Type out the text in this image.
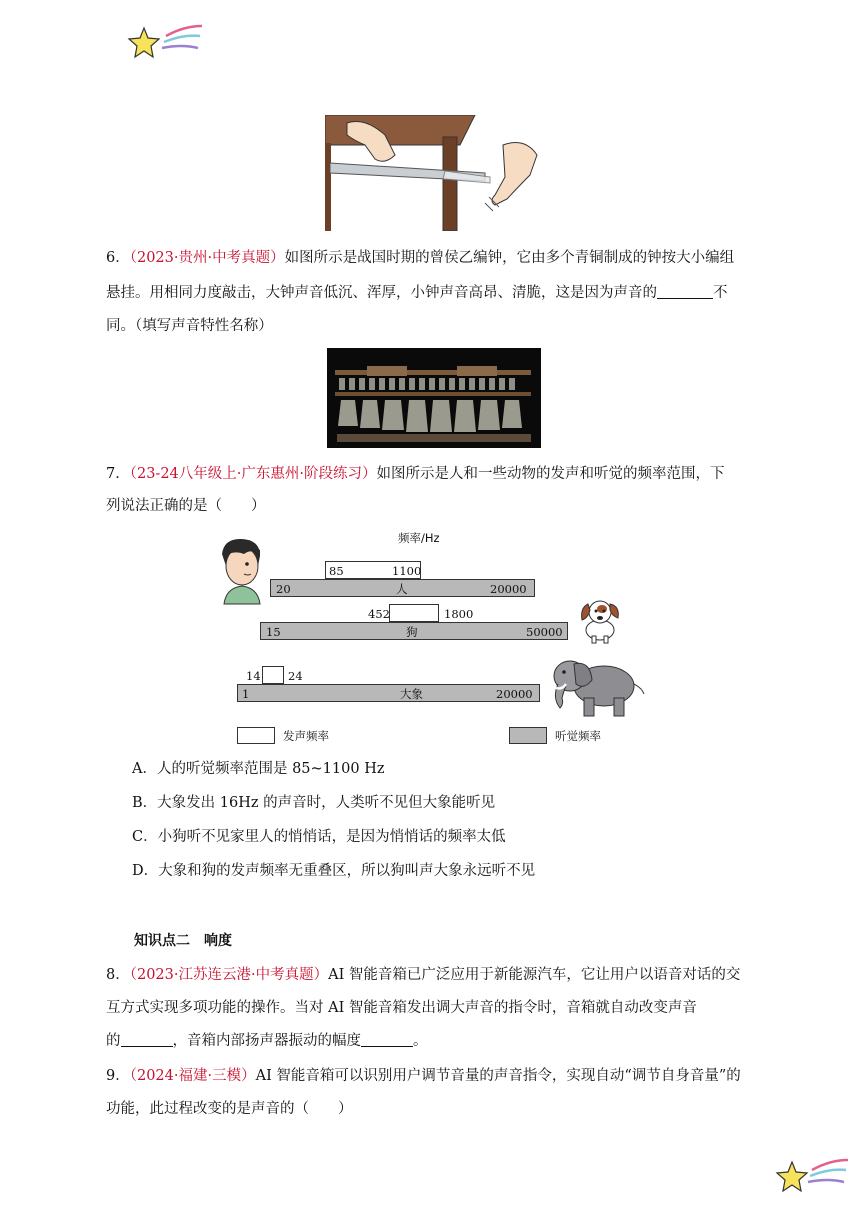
6．（2023·贵州·中考真题）如图所示是战国时期的曾侯乙编钟，它由多个青铜制成的钟按大小编组
悬挂。用相同力度敲击，大钟声音低沉、浑厚，小钟声音高昂、清脆，这是因为声音的	不
同。（填写声音特性名称）
7．（23-24八年级上·广东惠州·阶段练习）如图所示是人和一些动物的发声和听觉的频率范围，下
列说法正确的是（　　）
频率/Hz
85	1100
20	人	20000
452	1800
15	狗	50000
14 24
1	大象	20000
发声频率	听觉频率
A．人的听觉频率范围是 85~1100 Hz
B．大象发出 16Hz 的声音时，人类听不见但大象能听见
C．小狗听不见家里人的悄悄话，是因为悄悄话的频率太低
D．大象和狗的发声频率无重叠区，所以狗叫声大象永远听不见
知识点二　响度
8．（2023·江苏连云港·中考真题）AI 智能音箱已广泛应用于新能源汽车，它让用户以语音对话的交
互方式实现多项功能的操作。当对 AI 智能音箱发出调大声音的指令时，音箱就自动改变声音
的	，音箱内部扬声器振动的幅度	。
9．（2024·福建·三模）AI 智能音箱可以识别用户调节音量的声音指令，实现自动“调节自身音量”的
功能，此过程改变的是声音的（　　）
